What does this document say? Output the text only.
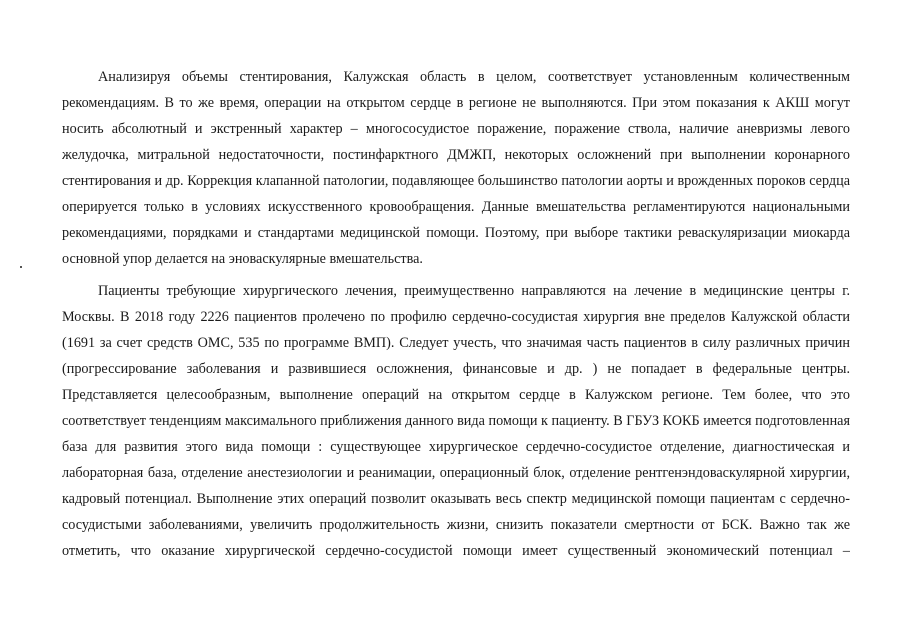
Анализируя объемы стентирования, Калужская область в целом, соответствует установленным количественным
рекомендациям. В то же время, операции на открытом сердце в регионе не выполняются. При этом показания к АКШ могут
носить абсолютный и экстренный характер – многососудистое поражение, поражение ствола, наличие аневризмы левого
желудочка, митральной недостаточности, постинфарктного ДМЖП, некоторых осложнений при выполнении коронарного
стентирования и др. Коррекция клапанной патологии, подавляющее большинство патологии аорты и врожденных пороков сердца
оперируется только в условиях искусственного кровообращения. Данные вмешательства регламентируются национальными
рекомендациями, порядками и стандартами медицинской помощи. Поэтому, при выборе тактики реваскуляризации миокарда
основной упор делается на эноваскулярные вмешательства.
Пациенты требующие хирургического лечения, преимущественно направляются на лечение в медицинские центры г.
Москвы. В 2018 году 2226 пациентов пролечено по профилю сердечно-сосудистая хирургия вне пределов Калужской области
(1691 за счет средств ОМС, 535 по программе ВМП). Следует учесть, что значимая часть пациентов в силу различных причин
(прогрессирование заболевания и развившиеся осложнения, финансовые и др. ) не попадает в федеральные центры.
Представляется целесообразным, выполнение операций на открытом сердце в Калужском регионе. Тем более, что это
соответствует тенденциям максимального приближения данного вида помощи к пациенту. В ГБУЗ КОКБ имеется подготовленная
база для развития этого вида помощи : существующее хирургическое сердечно-сосудистое отделение, диагностическая и
лабораторная база, отделение анестезиологии и реанимации, операционный блок, отделение рентгенэндоваскулярной хирургии,
кадровый потенциал. Выполнение этих операций позволит оказывать весь спектр медицинской помощи пациентам с сердечно-
сосудистыми заболеваниями, увеличить продолжительность жизни, снизить показатели смертности от БСК. Важно так же
отметить, что оказание хирургической сердечно-сосудистой помощи имеет существенный экономический потенциал –
